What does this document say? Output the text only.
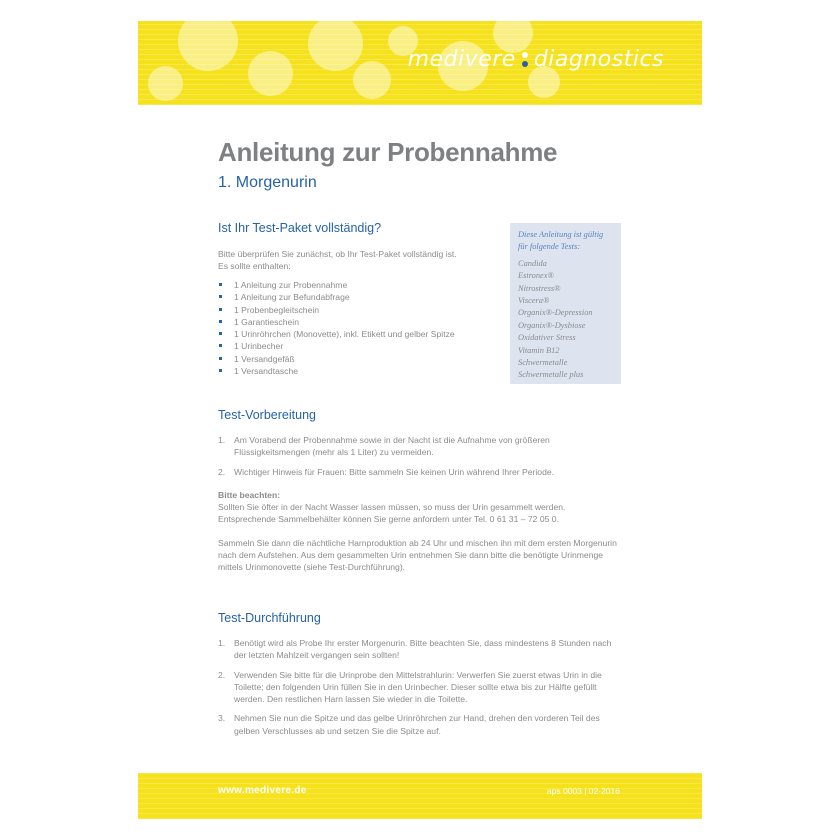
medivere diagnostics
Anleitung zur Probennahme
1. Morgenurin
Ist Ihr Test-Paket vollständig?

Bitte überprüfen Sie zunächst, ob Ihr Test-Paket vollständig ist.
Es sollte enthalten:

1 Anleitung zur Probennahme
1 Anleitung zur Befundabfrage
1 Probenbegleitschein
1 Garantieschein
1 Urinröhrchen (Monovette), inkl. Etikett und gelber Spitze
1 Urinbecher
1 Versandgefäß
1 Versandtasche
Diese Anleitung ist gültig
für folgende Tests:
Candida
Estronex®
Nitrostress®
Viscera®
Organix®-Depression
Organix®-Dysbiose
Oxidativer Stress
Vitamin B12
Schwermetalle
Schwermetalle plus
Test-Vorbereitung
1. Am Vorabend der Probennahme sowie in der Nacht ist die Aufnahme von größeren Flüssigkeitsmengen (mehr als 1 Liter) zu vermeiden.
2. Wichtiger Hinweis für Frauen: Bitte sammeln Sie keinen Urin während Ihrer Periode.

Bitte beachten:
Sollten Sie öfter in der Nacht Wasser lassen müssen, so muss der Urin gesammelt werden. Entsprechende Sammelbehälter können Sie gerne anfordern unter Tel. 0 61 31 – 72 05 0.

Sammeln Sie dann die nächtliche Harnproduktion ab 24 Uhr und mischen ihn mit dem ersten Morgenurin nach dem Aufstehen. Aus dem gesammelten Urin entnehmen Sie dann bitte die benötigte Urinmenge mittels Urinmonovette (siehe Test-Durchführung).

Test-Durchführung
1. Benötigt wird als Probe Ihr erster Morgenurin. Bitte beachten Sie, dass mindestens 8 Stunden nach der letzten Mahlzeit vergangen sein sollten!
2. Verwenden Sie bitte für die Urinprobe den Mittelstrahlurin: Verwerfen Sie zuerst etwas Urin in die Toilette; den folgenden Urin füllen Sie in den Urinbecher. Dieser sollte etwa bis zur Hälfte gefüllt werden. Den restlichen Harn lassen Sie wieder in die Toilette.
3. Nehmen Sie nun die Spitze und das gelbe Urinröhrchen zur Hand, drehen den vorderen Teil des gelben Verschlusses ab und setzen Sie die Spitze auf.
www.medivere.de	aps 0003 | 02-2016
